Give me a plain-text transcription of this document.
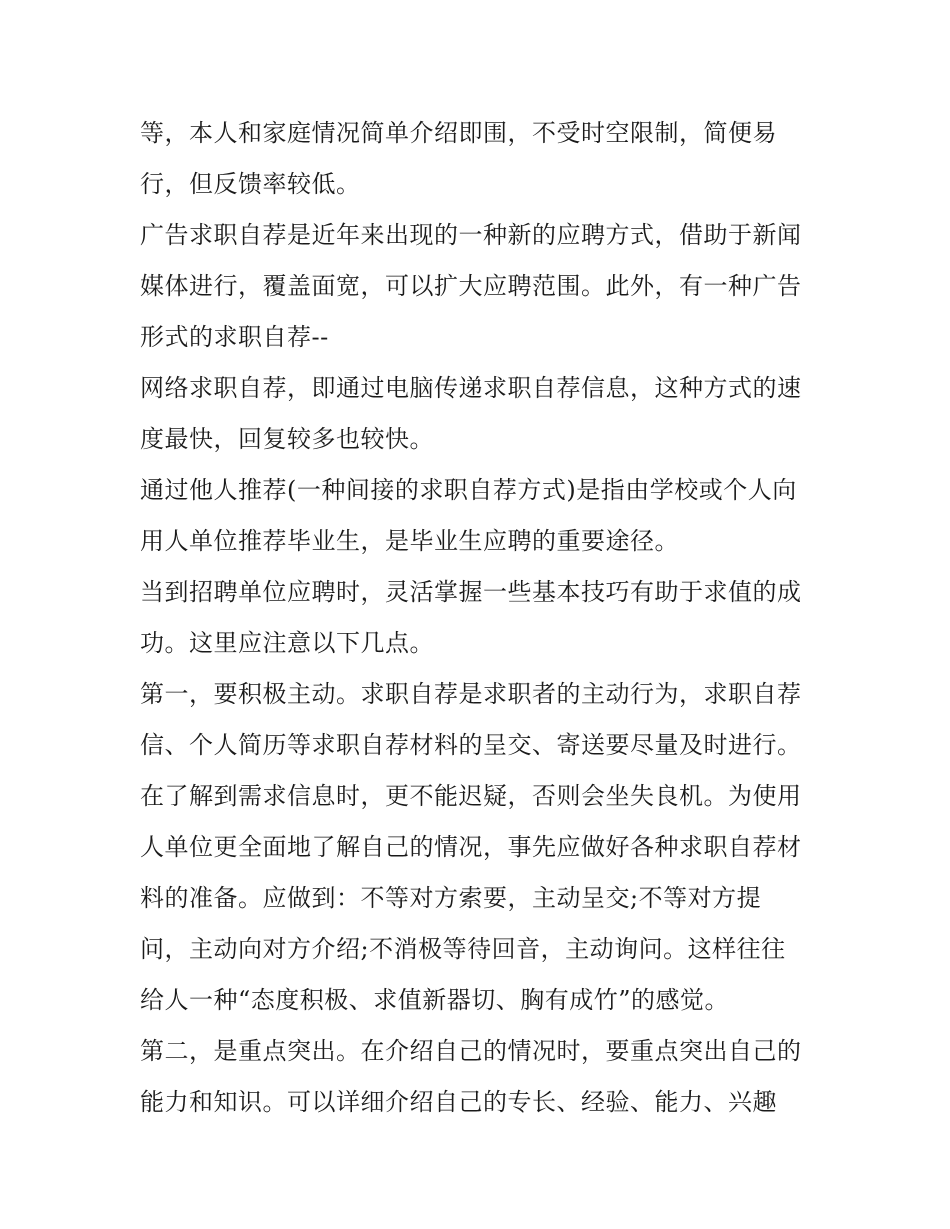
等，本人和家庭情况简单介绍即围，不受时空限制，简便易
行，但反馈率较低。
广告求职自荐是近年来出现的一种新的应聘方式，借助于新闻
媒体进行，覆盖面宽，可以扩大应聘范围。此外，有一种广告
形式的求职自荐--
网络求职自荐，即通过电脑传递求职自荐信息，这种方式的速
度最快，回复较多也较快。
通过他人推荐(一种间接的求职自荐方式)是指由学校或个人向
用人单位推荐毕业生，是毕业生应聘的重要途径。
当到招聘单位应聘时，灵活掌握一些基本技巧有助于求值的成
功。这里应注意以下几点。
第一，要积极主动。求职自荐是求职者的主动行为，求职自荐
信、个人简历等求职自荐材料的呈交、寄送要尽量及时进行。
在了解到需求信息时，更不能迟疑，否则会坐失良机。为使用
人单位更全面地了解自己的情况，事先应做好各种求职自荐材
料的准备。应做到：不等对方索要，主动呈交;不等对方提
问，主动向对方介绍;不消极等待回音，主动询问。这样往往
给人一种“态度积极、求值新器切、胸有成竹”的感觉。
第二，是重点突出。在介绍自己的情况时，要重点突出自己的
能力和知识。可以详细介绍自己的专长、经验、能力、兴趣
